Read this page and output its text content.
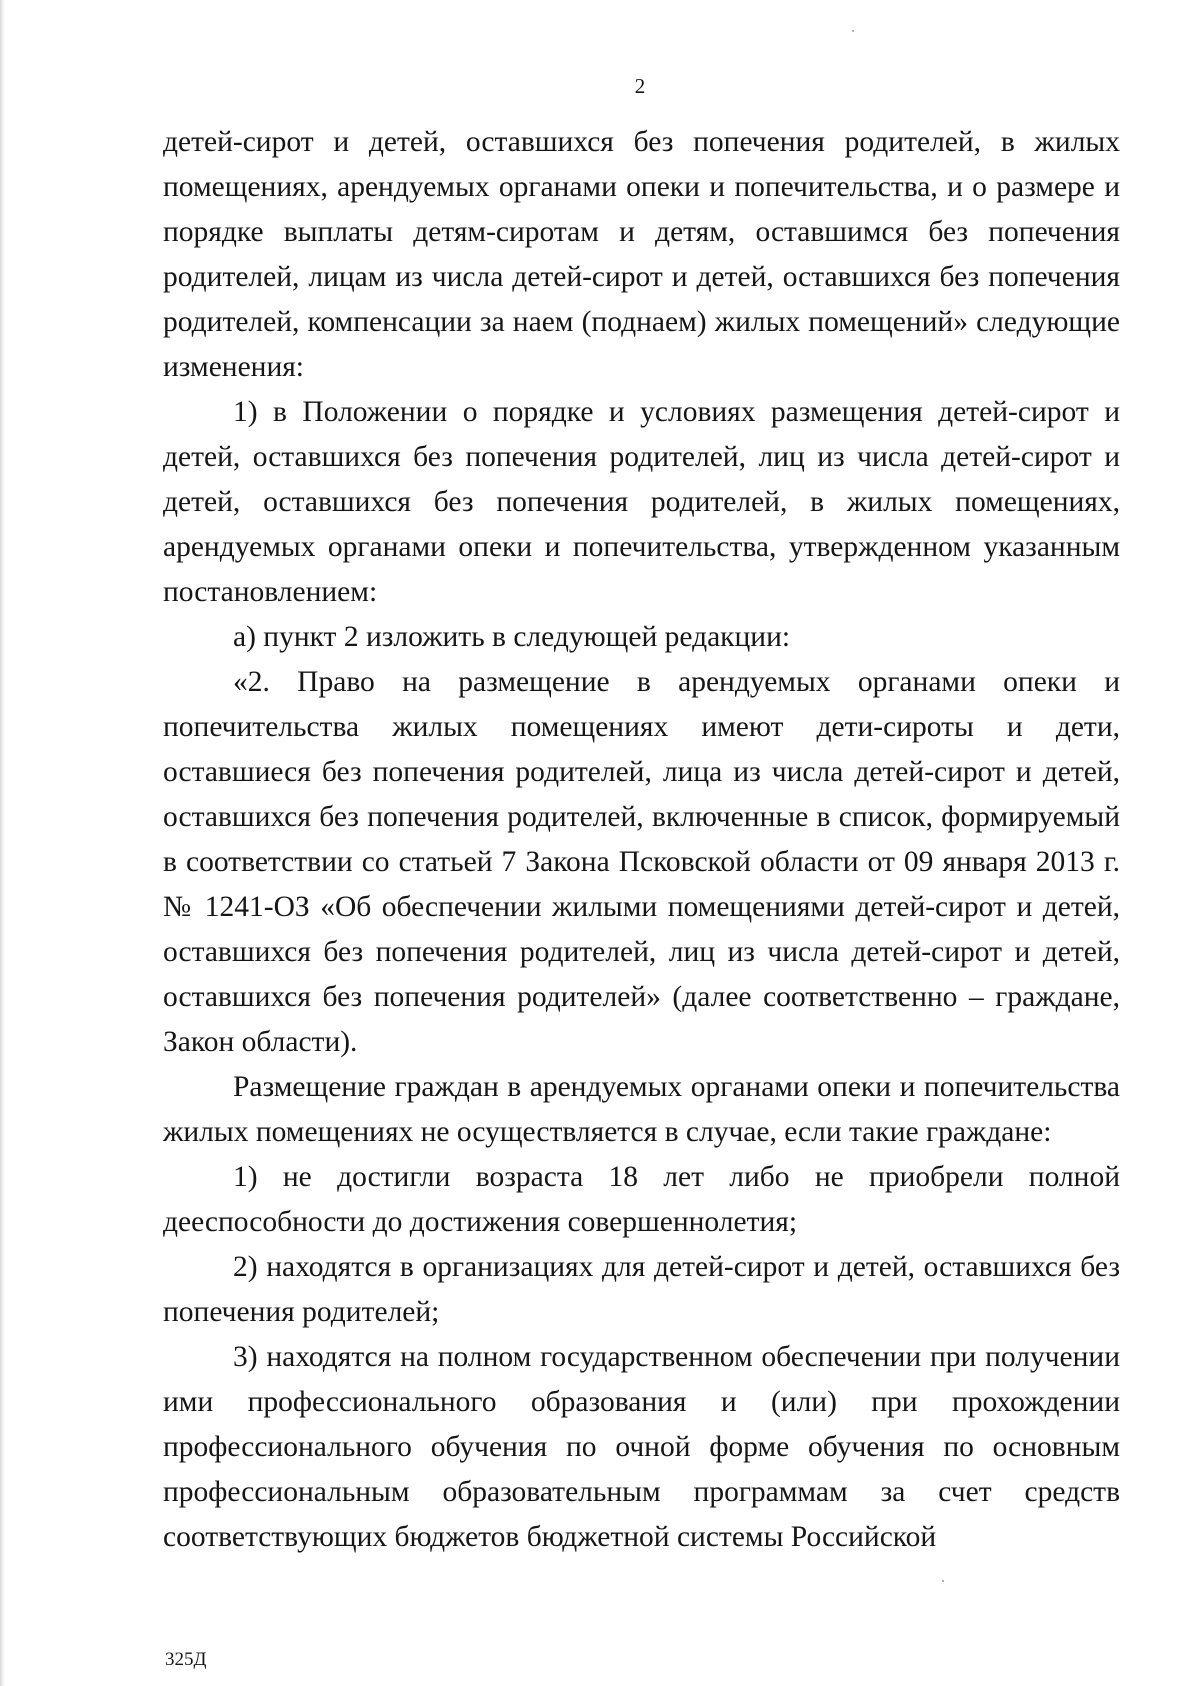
2

детей-сирот и детей, оставшихся без попечения родителей, в жилых помещениях, арендуемых органами опеки и попечительства, и о размере и порядке выплаты детям-сиротам и детям, оставшимся без попечения родителей, лицам из числа детей-сирот и детей, оставшихся без попечения родителей, компенсации за наем (поднаем) жилых помещений» следующие изменения:

1) в Положении о порядке и условиях размещения детей-сирот и детей, оставшихся без попечения родителей, лиц из числа детей-сирот и детей, оставшихся без попечения родителей, в жилых помещениях, арендуемых органами опеки и попечительства, утвержденном указанным постановлением:

а) пункт 2 изложить в следующей редакции:

«2. Право на размещение в арендуемых органами опеки и попечительства жилых помещениях имеют дети-сироты и дети, оставшиеся без попечения родителей, лица из числа детей-сирот и детей, оставшихся без попечения родителей, включенные в список, формируемый в соответствии со статьей 7 Закона Псковской области от 09 января 2013 г. № 1241-ОЗ «Об обеспечении жилыми помещениями детей-сирот и детей, оставшихся без попечения родителей, лиц из числа детей-сирот и детей, оставшихся без попечения родителей» (далее соответственно – граждане, Закон области).

Размещение граждан в арендуемых органами опеки и попечительства жилых помещениях не осуществляется в случае, если такие граждане:

1) не достигли возраста 18 лет либо не приобрели полной дееспособности до достижения совершеннолетия;

2) находятся в организациях для детей-сирот и детей, оставшихся без попечения родителей;

3) находятся на полном государственном обеспечении при получении ими профессионального образования и (или) при прохождении профессионального обучения по очной форме обучения по основным профессиональным образовательным программам за счет средств соответствующих бюджетов бюджетной системы Российской

325Д
